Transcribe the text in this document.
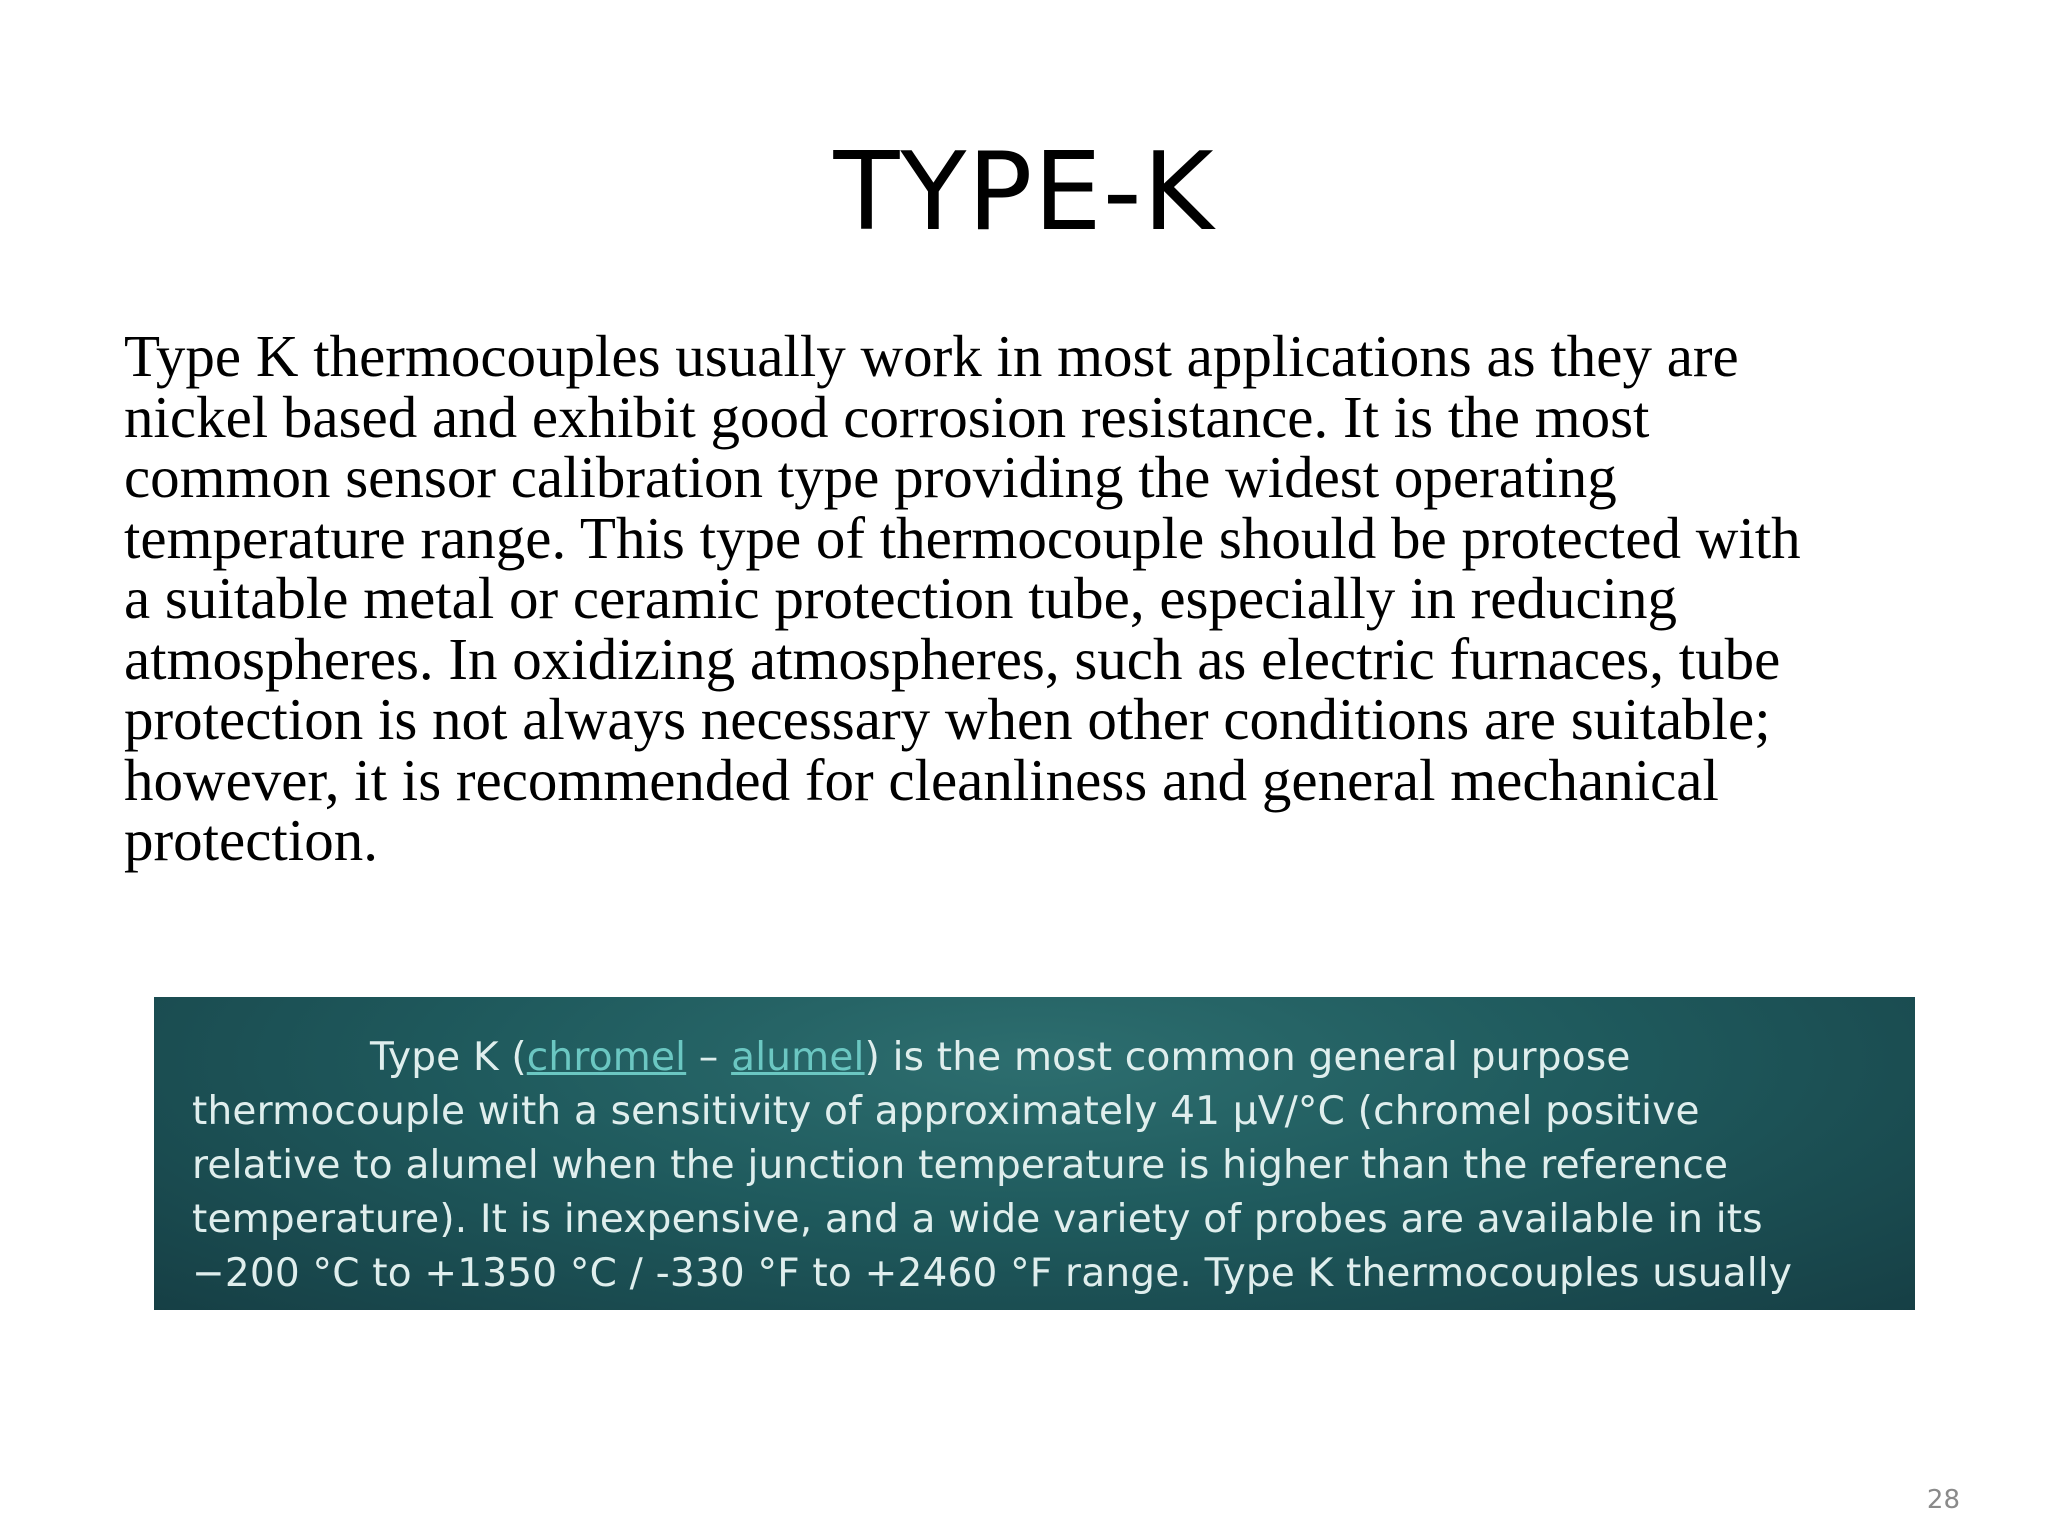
TYPE-K
Type K thermocouples usually work in most applications as they are
nickel based and exhibit good corrosion resistance. It is the most
common sensor calibration type providing the widest operating
temperature range. This type of thermocouple should be protected with
a suitable metal or ceramic protection tube, especially in reducing
atmospheres. In oxidizing atmospheres, such as electric furnaces, tube
protection is not always necessary when other conditions are suitable;
however, it is recommended for cleanliness and general mechanical
protection.
Type K (chromel – alumel) is the most common general purpose
thermocouple with a sensitivity of approximately 41 µV/°C (chromel positive
relative to alumel when the junction temperature is higher than the reference
temperature). It is inexpensive, and a wide variety of probes are available in its
−200 °C to +1350 °C / -330 °F to +2460 °F range. Type K thermocouples usually
28
